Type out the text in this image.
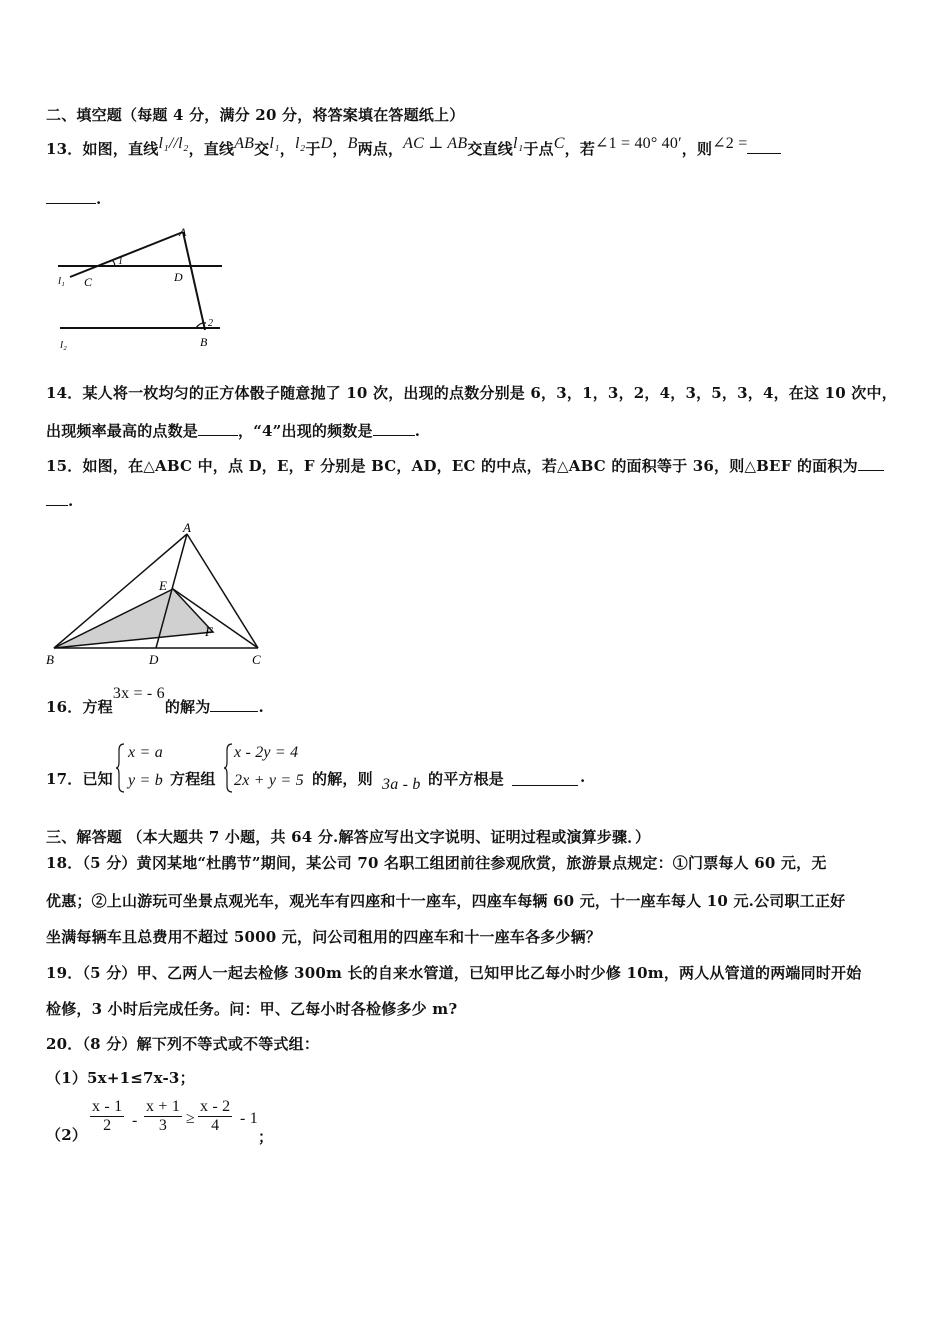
二、填空题（每题 4 分，满分 20 分，将答案填在答题纸上）
13．如图，直线l₁//l₂，直线AB交l₁，l₂于D，B两点，AC ⊥ AB交直线l₁于点C，若∠1 = 40° 40′，则∠2 =
.
A
C	D
1
2
B
l₁
l₂
14．某人将一枚均匀的正方体骰子随意抛了 10 次，出现的点数分别是 6，3，1，3，2，4，3，5，3，4，在这 10 次中，
出现频率最高的点数是	，“4”出现的频数是	.
15．如图，在△ABC 中，点 D，E，F 分别是 BC，AD，EC 的中点，若△ABC 的面积等于 36，则△BEF 的面积为
.
A
E
F
B	D	C
16．方程3x = - 6的解为	.
17．已知
x = a
y = b 方程组
x - 2y = 4
2x + y = 5 的解，则 3a - b 的平方根是	.
三、解答题 （本大题共 7 小题，共 64 分.解答应写出文字说明、证明过程或演算步骤．）
18．（5 分）黄冈某地“杜鹃节”期间，某公司 70 名职工组团前往参观欣赏，旅游景点规定：①门票每人 60 元，无
优惠；②上山游玩可坐景点观光车，观光车有四座和十一座车，四座车每辆 60 元，十一座车每人 10 元.公司职工正好
坐满每辆车且总费用不超过 5000 元，问公司租用的四座车和十一座车各多少辆？
19．（5 分）甲、乙两人一起去检修 300m 长的自来水管道，已知甲比乙每小时少修 10m，两人从管道的两端同时开始
检修，3 小时后完成任务。问：甲、乙每小时各检修多少 m?
20．（8 分）解下列不等式或不等式组：
（1）5x+1≤7x-3；
$(2) \frac{x - 1}{2} - \frac{x + 1}{3} \ge \frac{x - 2}{4} - 1$
；
